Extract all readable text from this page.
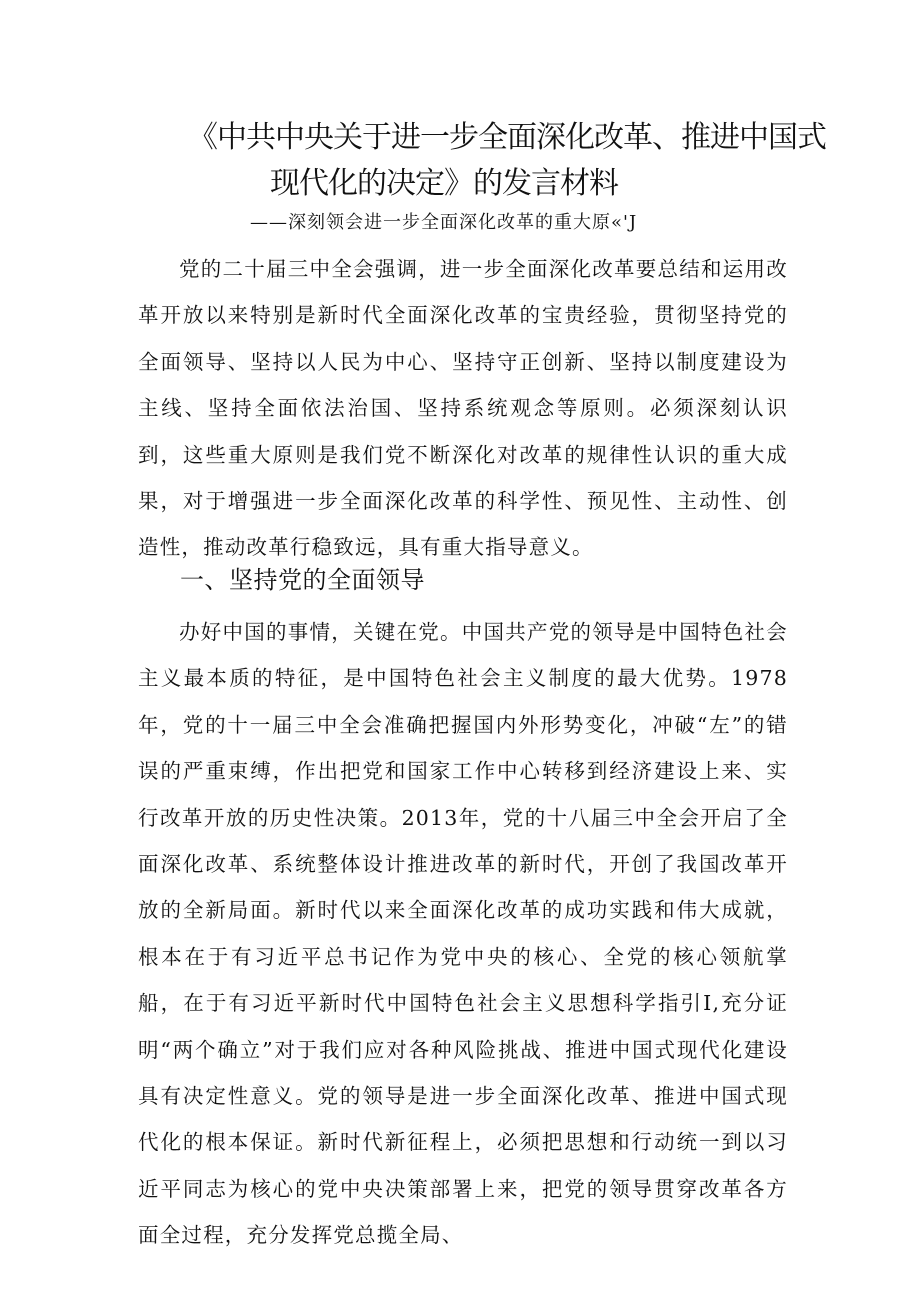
《中共中央关于进一步全面深化改革、推进中国式
现代化的决定》的发言材料
——深刻领会进一步全面深化改革的重大原«'J

党的二十届三中全会强调，进一步全面深化改革要总结和运用改革开放以来特别是新时代全面深化改革的宝贵经验，贯彻坚持党的全面领导、坚持以人民为中心、坚持守正创新、坚持以制度建设为主线、坚持全面依法治国、坚持系统观念等原则。必须深刻认识到，这些重大原则是我们党不断深化对改革的规律性认识的重大成果，对于增强进一步全面深化改革的科学性、预见性、主动性、创造性，推动改革行稳致远，具有重大指导意义。

一、坚持党的全面领导

办好中国的事情，关键在党。中国共产党的领导是中国特色社会主义最本质的特征，是中国特色社会主义制度的最大优势。1978年，党的十一届三中全会准确把握国内外形势变化，冲破“左”的错误的严重束缚，作出把党和国家工作中心转移到经济建设上来、实行改革开放的历史性决策。2013年，党的十八届三中全会开启了全面深化改革、系统整体设计推进改革的新时代，开创了我国改革开放的全新局面。新时代以来全面深化改革的成功实践和伟大成就，根本在于有习近平总书记作为党中央的核心、全党的核心领航掌船，在于有习近平新时代中国特色社会主义思想科学指引I,充分证明“两个确立”对于我们应对各种风险挑战、推进中国式现代化建设具有决定性意义。党的领导是进一步全面深化改革、推进中国式现代化的根本保证。新时代新征程上，必须把思想和行动统一到以习近平同志为核心的党中央决策部署上来，把党的领导贯穿改革各方面全过程，充分发挥党总揽全局、
